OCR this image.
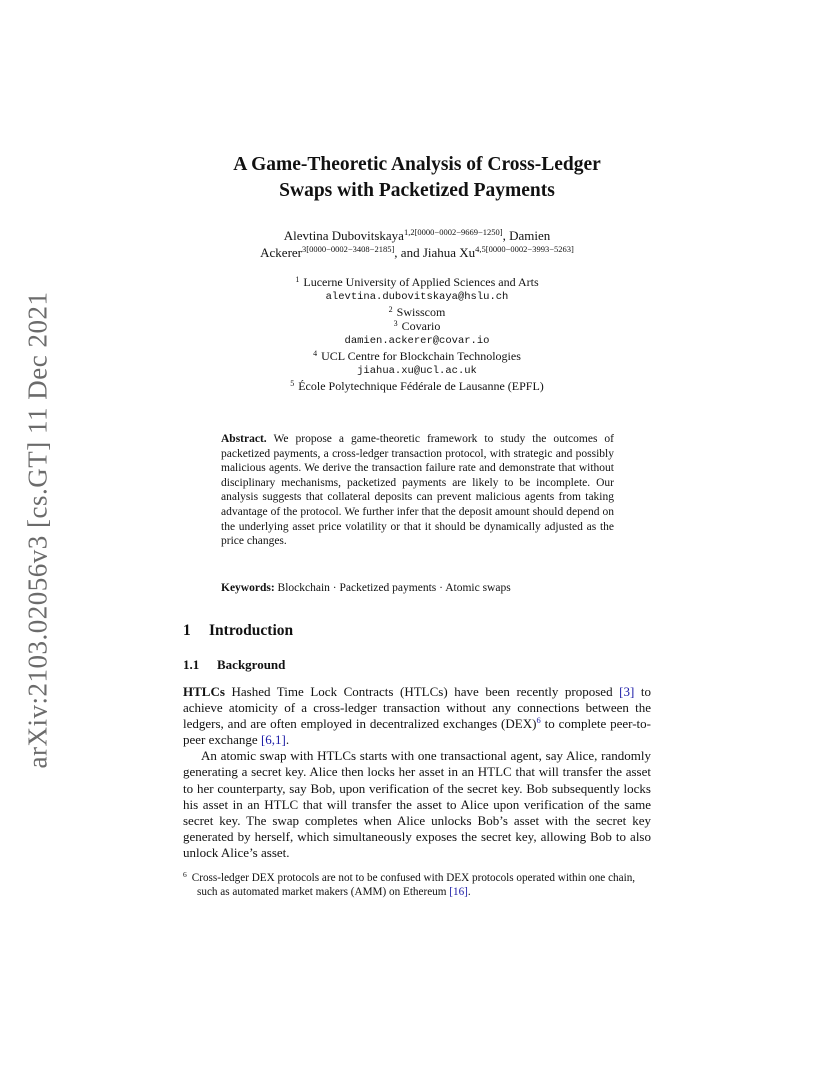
arXiv:2103.02056v3 [cs.GT] 11 Dec 2021
A Game-Theoretic Analysis of Cross-Ledger
Swaps with Packetized Payments
Alevtina Dubovitskaya$^{1,2[0000-0002-9669-1250]}$, Damien
Ackerer$^{3[0000-0002-3408-2185]}$, and Jiahua $Xu^{4,5[0000-0002-3993-5263]}$
$^1$ Lucerne University of Applied Sciences and Arts
alevtina.dubovitskaya@hslu.ch
$^2$ Swisscom
$^3$ Covario
damien.ackerer@covar.io
$^4$ UCL Centre for Blockchain Technologies
jiahua.xu@ucl.ac.uk
$^5$ École Polytechnique Fédérale de Lausanne (EPFL)
Abstract. We propose a game-theoretic framework to study the outcomes of packetized payments, a cross-ledger transaction protocol, with strategic and possibly malicious agents. We derive the transaction failure rate and demonstrate that without disciplinary mechanisms, packetized payments are likely to be incomplete. Our analysis suggests that collateral deposits can prevent malicious agents from taking advantage of the protocol. We further infer that the deposit amount should depend on the underlying asset price volatility or that it should be dynamically adjusted as the price changes.
Keywords: Blockchain · Packetized payments · Atomic swaps
1 Introduction
1.1 Background

HTLCs Hashed Time Lock Contracts (HTLCs) have been recently proposed [3] to achieve atomicity of a cross-ledger transaction without any connections between the ledgers, and are often employed in decentralized exchanges (DEX)$^6$ to complete peer-to-peer exchange [6,1].

An atomic swap with HTLCs starts with one transactional agent, say Alice, randomly generating a secret key. Alice then locks her asset in an HTLC that will transfer the asset to her counterparty, say Bob, upon verification of the secret key. Bob subsequently locks his asset in an HTLC that will transfer the asset to Alice upon verification of the same secret key. The swap completes when Alice unlocks Bob’s asset with the secret key generated by herself, which simultaneously exposes the secret key, allowing Bob to also unlock Alice’s asset.

$^6$ Cross-ledger DEX protocols are not to be confused with DEX protocols operated within one chain, such as automated market makers (AMM) on Ethereum [16].
